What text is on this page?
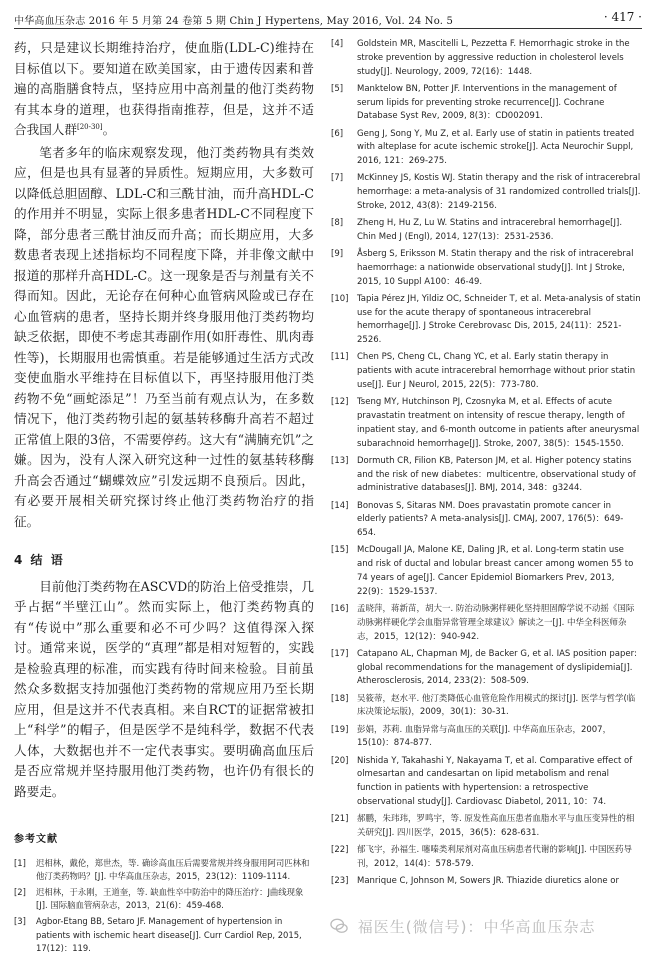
中华高血压杂志 2016 年 5 月第 24 卷第 5 期 Chin J Hypertens, May 2016, Vol. 24 No. 5	· 417 ·

药，只是建议长期维持治疗，使血脂(LDL-C)维持在目标值以下。要知道在欧美国家，由于遗传因素和普遍的高脂膳食特点，坚持应用中高剂量的他汀类药物有其本身的道理，也获得指南推荐，但是，这并不适合我国人群[20-30]。

笔者多年的临床观察发现，他汀类药物具有类效应，但是也具有显著的异质性。短期应用，大多数可以降低总胆固醇、LDL-C和三酰甘油，而升高HDL-C的作用并不明显，实际上很多患者HDL-C不同程度下降，部分患者三酰甘油反而升高；而长期应用，大多数患者表现上述指标均不同程度下降，并非像文献中报道的那样升高HDL-C。这一现象是否与剂量有关不得而知。因此，无论存在何种心血管病风险或已存在心血管病的患者，坚持长期并终身服用他汀类药物均缺乏依据，即使不考虑其毒副作用(如肝毒性、肌肉毒性等)，长期服用也需慎重。若是能够通过生活方式改变使血脂水平维持在目标值以下，再坚持服用他汀类药物不免“画蛇添足”！乃至当前有观点认为，在多数情况下，他汀类药物引起的氨基转移酶升高若不超过正常值上限的3倍，不需要停药。这大有“满腩充饥”之嫌。因为，没有人深入研究这种一过性的氨基转移酶升高会否通过“蝴蝶效应”引发远期不良预后。因此，有必要开展相关研究探讨终止他汀类药物治疗的指征。

4 结 语

目前他汀类药物在ASCVD的防治上倍受推崇，几乎占据“半壁江山”。然而实际上，他汀类药物真的有“传说中”那么重要和必不可少吗？这值得深入探讨。通常来说，医学的“真理”都是相对短暂的，实践是检验真理的标准，而实践有待时间来检验。目前虽然众多数据支持加强他汀类药物的常规应用乃至长期应用，但是这并不代表真相。来自RCT的证据常被扣上“科学”的帽子，但是医学不是纯科学，数据不代表人体，大数据也并不一定代表事实。要明确高血压后是否应常规并坚持服用他汀类药物，也许仍有很长的路要走。

参考文献
[1] 迟相林，戴伦，郑世杰，等. 确诊高血压后需要常规并终身服用阿司匹林和他汀类药物吗？[J]. 中华高血压杂志，2015，23(12)：1109-1114.
[2] 迟相林，于永刚，王道奎，等. 缺血性卒中防治中的降压治疗：J曲线现象[J]. 国际脑血管病杂志，2013，21(6)：459-468.
[3] Agbor-Etang BB, Setaro JF. Management of hypertension in patients with ischemic heart disease[J]. Curr Cardiol Rep, 2015, 17(12)：119.
[4] Goldstein MR, Mascitelli L, Pezzetta F. Hemorrhagic stroke in the stroke prevention by aggressive reduction in cholesterol levels study[J]. Neurology, 2009, 72(16)：1448.
[5] Manktelow BN, Potter JF. Interventions in the management of serum lipids for preventing stroke recurrence[J]. Cochrane Database Syst Rev, 2009, 8(3)：CD002091.
[6] Geng J, Song Y, Mu Z, et al. Early use of statin in patients treated with alteplase for acute ischemic stroke[J]. Acta Neurochir Suppl, 2016, 121：269-275.
[7] McKinney JS, Kostis WJ. Statin therapy and the risk of intracerebral hemorrhage: a meta-analysis of 31 randomized controlled trials[J]. Stroke, 2012, 43(8)：2149-2156.
[8] Zheng H, Hu Z, Lu W. Statins and intracerebral hemorrhage[J]. Chin Med J (Engl), 2014, 127(13)：2531-2536.
[9] Åsberg S, Eriksson M. Statin therapy and the risk of intracerebral haemorrhage: a nationwide observational study[J]. Int J Stroke, 2015, 10 Suppl A100：46-49.
[10] Tapia Pérez JH, Yildiz OC, Schneider T, et al. Meta-analysis of statin use for the acute therapy of spontaneous intracerebral hemorrhage[J]. J Stroke Cerebrovasc Dis, 2015, 24(11)：2521-2526.
[11] Chen PS, Cheng CL, Chang YC, et al. Early statin therapy in patients with acute intracerebral hemorrhage without prior statin use[J]. Eur J Neurol, 2015, 22(5)：773-780.
[12] Tseng MY, Hutchinson PJ, Czosnyka M, et al. Effects of acute pravastatin treatment on intensity of rescue therapy, length of inpatient stay, and 6-month outcome in patients after aneurysmal subarachnoid hemorrhage[J]. Stroke, 2007, 38(5)：1545-1550.
[13] Dormuth CR, Filion KB, Paterson JM, et al. Higher potency statins and the risk of new diabetes：multicentre, observational study of administrative databases[J]. BMJ, 2014, 348：g3244.
[14] Bonovas S, Sitaras NM. Does pravastatin promote cancer in elderly patients? A meta-analysis[J]. CMAJ, 2007, 176(5)：649-654.
[15] McDougall JA, Malone KE, Daling JR, et al. Long-term statin use and risk of ductal and lobular breast cancer among women 55 to 74 years of age[J]. Cancer Epidemiol Biomarkers Prev, 2013, 22(9)：1529-1537.
[16] 孟晓萍，蒋新苗，胡大一. 防治动脉粥样硬化坚持胆固醇学说不动摇《国际动脉粥样硬化学会血脂异常管理全球建议》解读之一[J]. 中华全科医师杂志，2015，12(12)：940-942.
[17] Catapano AL, Chapman MJ, de Backer G, et al. IAS position paper: global recommendations for the management of dyslipidemia[J]. Atherosclerosis, 2014, 233(2)：508-509.
[18] 吴筱蒂，赵水平. 他汀类降低心血管危险作用模式的探讨[J]. 医学与哲学(临床决策论坛版)，2009，30(1)：30-31.
[19] 彭娟，苏莉. 血脂异常与高血压的关联[J]. 中华高血压杂志，2007，15(10)：874-877.
[20] Nishida Y, Takahashi Y, Nakayama T, et al. Comparative effect of olmesartan and candesartan on lipid metabolism and renal function in patients with hypertension: a retrospective observational study[J]. Cardiovasc Diabetol, 2011, 10：74.
[21] 郝鹏，朱玮玮，罗鸣宇，等. 原发性高血压患者血脂水平与血压变异性的相关研究[J]. 四川医学，2015，36(5)：628-631.
[22] 郁飞宇，孙福生. 噻嗪类利尿剂对高血压病患者代谢的影响[J]. 中国医药导刊，2012，14(4)：578-579.
[23] Manrique C, Johnson M, Sowers JR. Thiazide diuretics alone or
福医生(微信号)：中华高血压杂志
